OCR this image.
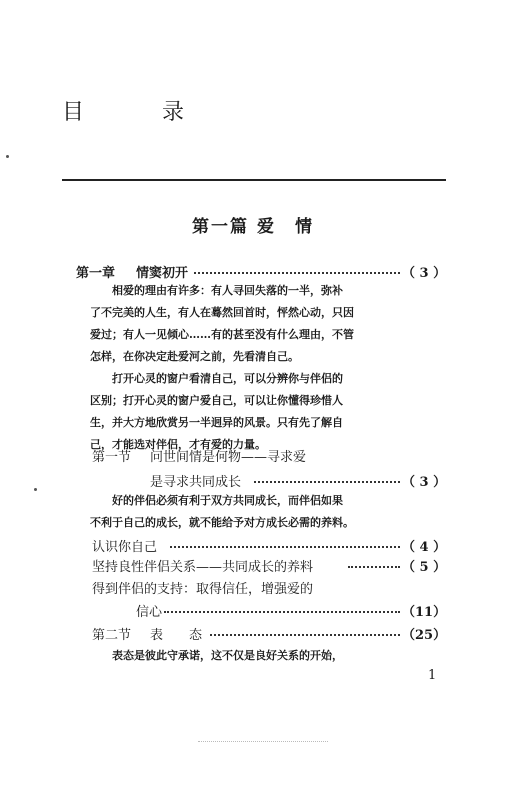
目　录
第一篇 爱　情
第一章 情窦初开	（ 3 ）
相爱的理由有许多：有人寻回失落的一半，弥补
了不完美的人生，有人在蓦然回首时，怦然心动，只因
爱过；有人一见倾心……有的甚至没有什么理由，不管
怎样，在你决定赴爱河之前，先看清自己。
打开心灵的窗户看清自己，可以分辨你与伴侣的
区别；打开心灵的窗户爱自己，可以让你懂得珍惜人
生，并大方地欣赏另一半迥异的风景。只有先了解自
己，才能选对伴侣，才有爱的力量。
第一节 问世间情是何物——寻求爱
是寻求共同成长	（ 3 ）
好的伴侣必须有利于双方共同成长，而伴侣如果
不利于自己的成长，就不能给予对方成长必需的养料。
认识你自己	（ 4 ）
坚持良性伴侣关系——共同成长的养料	（ 5 ）
得到伴侣的支持：取得信任，增强爱的
信心	（11）
第二节 表　　态	（25）
表态是彼此守承诺，这不仅是良好关系的开始，
1
